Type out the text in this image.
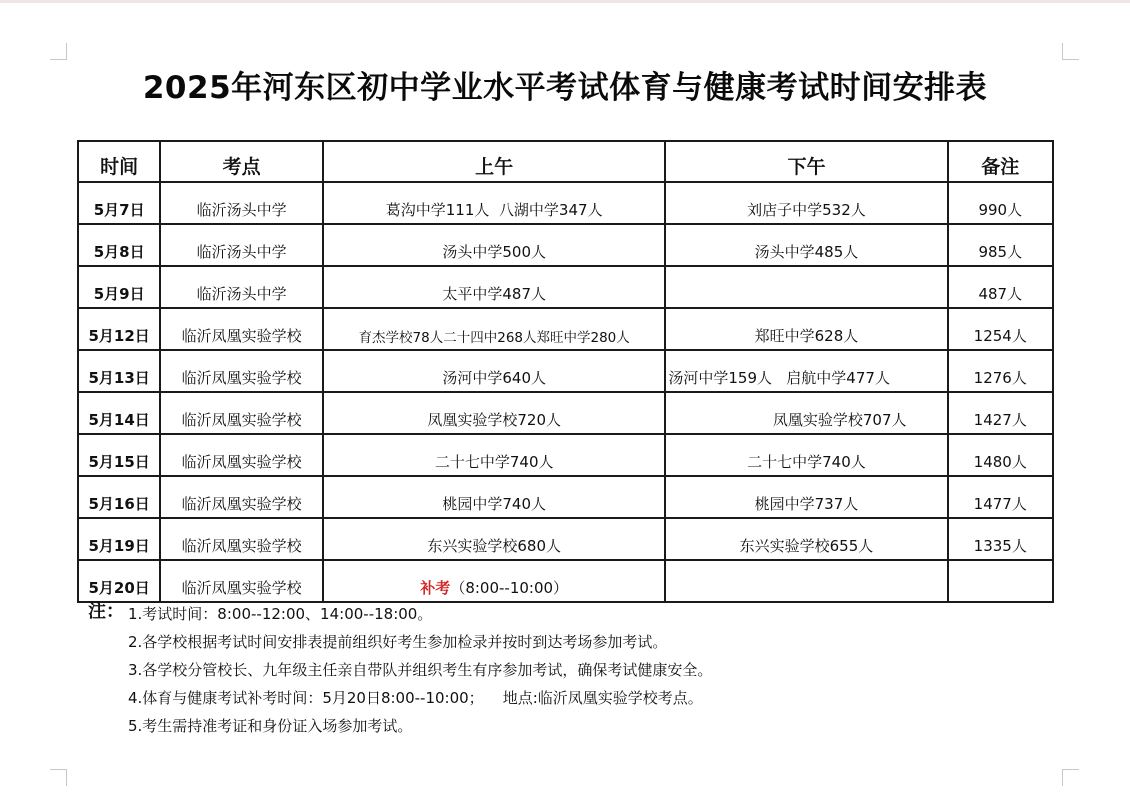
2025年河东区初中学业水平考试体育与健康考试时间安排表
时间	考点	上午	下午	备注
5月7日	临沂汤头中学	葛沟中学111人  八湖中学347人	刘店子中学532人	990人
5月8日	临沂汤头中学	汤头中学500人	汤头中学485人	985人
5月9日	临沂汤头中学	太平中学487人		487人
5月12日	临沂凤凰实验学校	育杰学校78人二十四中268人郑旺中学280人	郑旺中学628人	1254人
5月13日	临沂凤凰实验学校	汤河中学640人	汤河中学159人   启航中学477人	1276人
5月14日	临沂凤凰实验学校	凤凰实验学校720人	凤凰实验学校707人	1427人
5月15日	临沂凤凰实验学校	二十七中学740人	二十七中学740人	1480人
5月16日	临沂凤凰实验学校	桃园中学740人	桃园中学737人	1477人
5月19日	临沂凤凰实验学校	东兴实验学校680人	东兴实验学校655人	1335人
5月20日	临沂凤凰实验学校	补考（8:00--10:00）		
注： 1.考试时间：8:00--12:00、14:00--18:00。
2.各学校根据考试时间安排表提前组织好考生参加检录并按时到达考场参加考试。
3.各学校分管校长、九年级主任亲自带队并组织考生有序参加考试，确保考试健康安全。
4.体育与健康考试补考时间：5月20日8:00--10:00；    地点:临沂凤凰实验学校考点。
5.考生需持准考证和身份证入场参加考试。
